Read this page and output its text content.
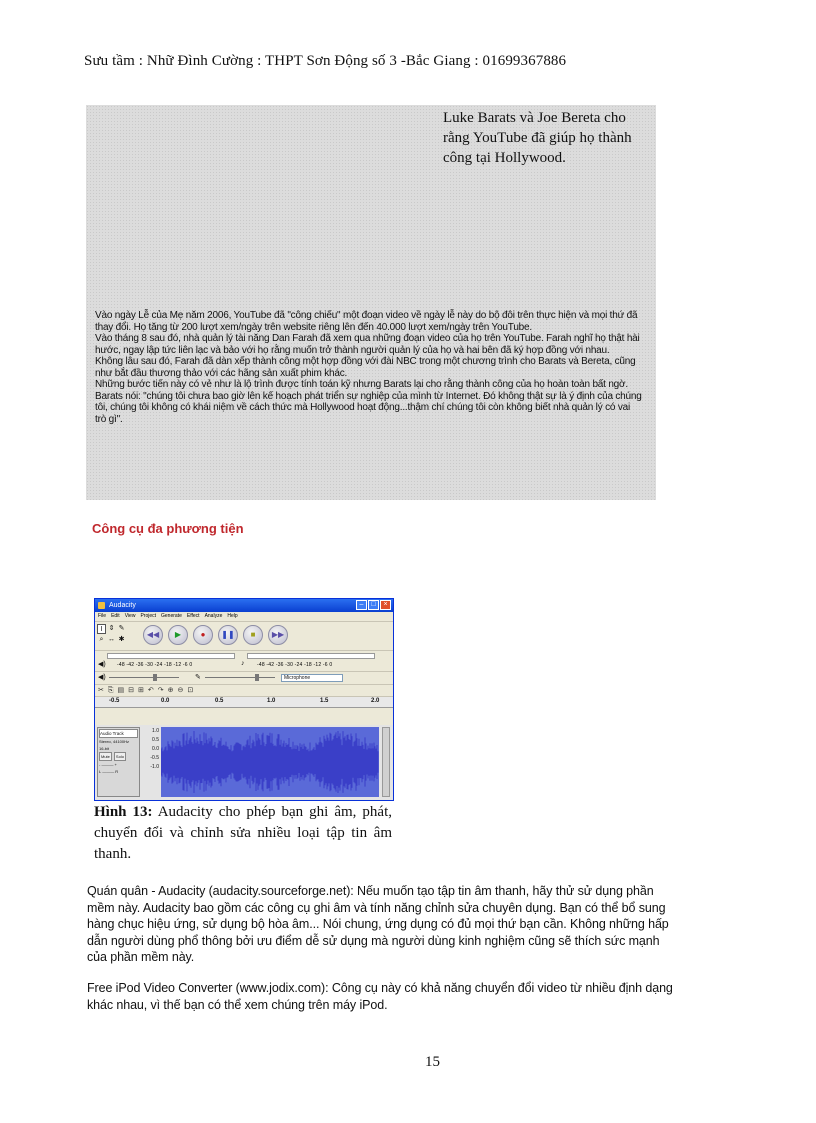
Sưu tầm : Nhữ Đình Cường : THPT Sơn Động số 3 -Bắc Giang : 01699367886
Luke Barats và Joe Bereta cho rằng YouTube đã giúp họ thành công tại Hollywood.

Vào ngày Lễ của Mẹ năm 2006, YouTube đã "công chiếu" một đoạn video về ngày lễ này do bộ đôi trên thực hiện và mọi thứ đã thay đổi. Họ tăng từ 200 lượt xem/ngày trên website riêng lên đến 40.000 lượt xem/ngày trên YouTube.

Vào tháng 8 sau đó, nhà quản lý tài năng Dan Farah đã xem qua những đoạn video của họ trên YouTube. Farah nghĩ họ thật hài hước, ngay lập tức liên lạc và bảo với họ rằng muốn trở thành người quản lý của họ và hai bên đã ký hợp đồng với nhau.

Không lâu sau đó, Farah đã dàn xếp thành công một hợp đồng với đài NBC trong một chương trình cho Barats và Bereta, cũng như bắt đầu thương thảo với các hãng sản xuất phim khác.

Những bước tiến này có vẻ như là lộ trình được tính toán kỹ nhưng Barats lại cho rằng thành công của họ hoàn toàn bất ngờ. Barats nói: "chúng tôi chưa bao giờ lên kế hoạch phát triển sự nghiệp của mình từ Internet. Đó không thật sự là ý định của chúng tôi, chúng tôi không có khái niệm về cách thức mà Hollywood hoạt động...thậm chí chúng tôi còn không biết nhà quản lý có vai trò gì".

Công cụ đa phương tiện
Audacity	–	□	×
File Edit View Project Generate Effect Analyze Help
I ⇕ ✎
⌕ ↔ ✱
◀◀	▶	●	❚❚	■	▶▶
◀) -48 -42 -36 -30 -24 -18 -12 -6 0	♪	-48 -42 -36 -30 -24 -18 -12 -6 0
◀)	✎	Microphone
✂ ⎘ ▤ ⊟ ⊞ ↶ ↷ ⊕ ⊖ ⊡
-0.5	0.0	0.5	1.0	1.5	2.0
Audio Track
Stereo, 44100Hz
16-bit
Mute Solo
- ——— +
L ——— R
1.0
0.5
0.0
-0.5
-1.0
Hình 13: Audacity cho phép bạn ghi âm, phát, chuyển đổi và chỉnh sửa nhiều loại tập tin âm thanh.

Quán quân - Audacity (audacity.sourceforge.net): Nếu muốn tạo tập tin âm thanh, hãy thử sử dụng phần mềm này. Audacity bao gồm các công cụ ghi âm và tính năng chỉnh sửa chuyên dụng. Bạn có thể bổ sung hàng chục hiệu ứng, sử dụng bộ hòa âm... Nói chung, ứng dụng có đủ mọi thứ bạn cần. Không những hấp dẫn người dùng phổ thông bởi ưu điểm dễ sử dụng mà người dùng kinh nghiệm cũng sẽ thích sức mạnh của phần mềm này.

Free iPod Video Converter (www.jodix.com): Công cụ này có khả năng chuyển đổi video từ nhiều định dạng khác nhau, vì thế bạn có thể xem chúng trên máy iPod.

15
